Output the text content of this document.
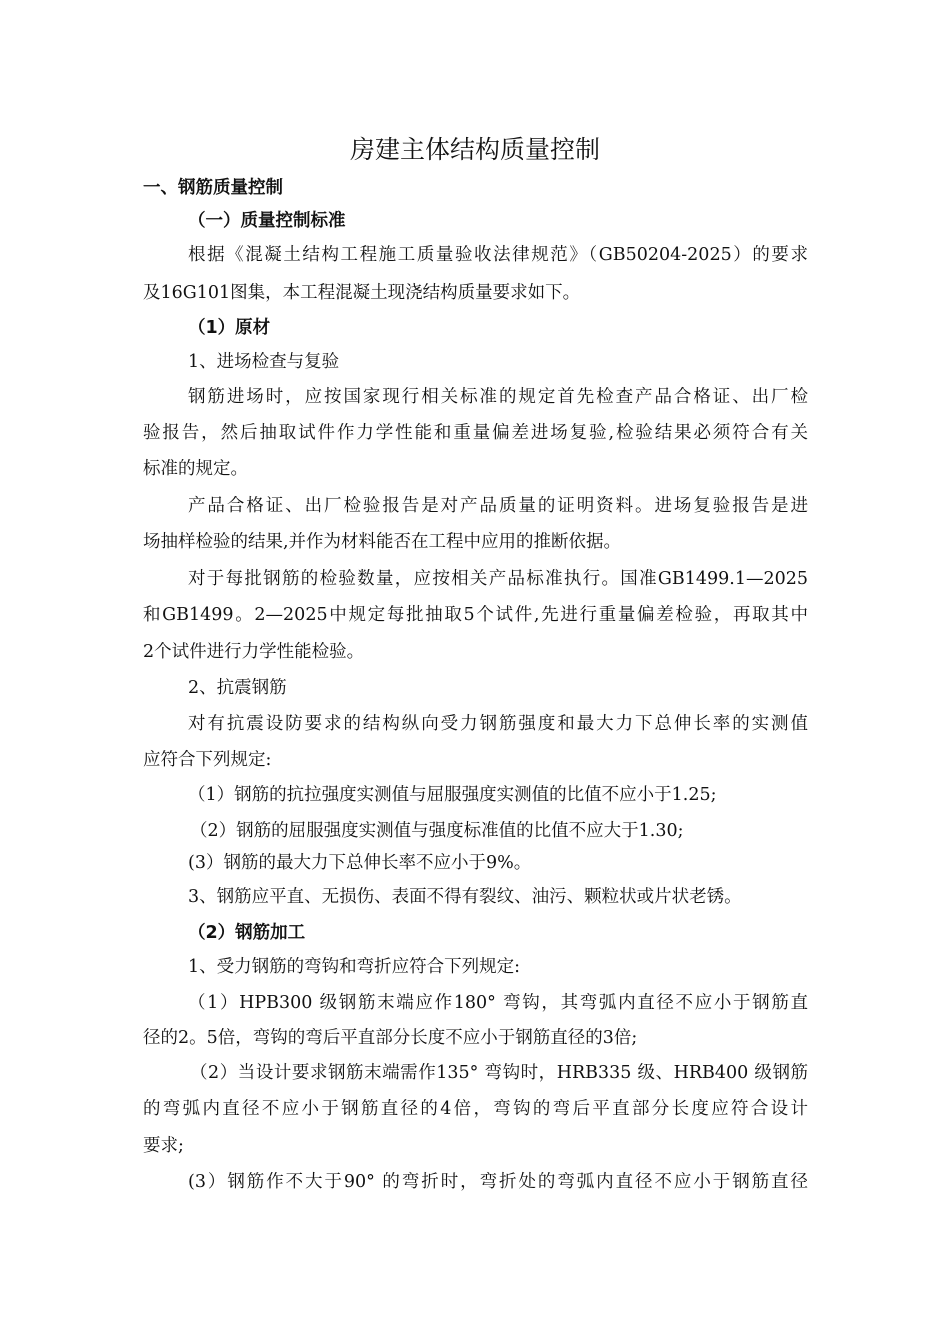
房建主体结构质量控制
一、钢筋质量控制
（一）质量控制标准
根据《混凝土结构工程施工质量验收法律规范》（GB50204-2025）的要求
及16G101图集，本工程混凝土现浇结构质量要求如下。
（1）原材
1、进场检查与复验
钢筋进场时，应按国家现行相关标准的规定首先检查产品合格证、出厂检
验报告，然后抽取试件作力学性能和重量偏差进场复验,检验结果必须符合有关
标准的规定。
产品合格证、出厂检验报告是对产品质量的证明资料。进场复验报告是进
场抽样检验的结果,并作为材料能否在工程中应用的推断依据。
对于每批钢筋的检验数量，应按相关产品标准执行。国准GB1499.1—2025
和GB1499。2—2025中规定每批抽取5个试件,先进行重量偏差检验，再取其中
2个试件进行力学性能检验。
2、抗震钢筋
对有抗震设防要求的结构纵向受力钢筋强度和最大力下总伸长率的实测值
应符合下列规定:
（1）钢筋的抗拉强度实测值与屈服强度实测值的比值不应小于1.25;
（2）钢筋的屈服强度实测值与强度标准值的比值不应大于1.30;
(3）钢筋的最大力下总伸长率不应小于9%。
3、钢筋应平直、无损伤、表面不得有裂纹、油污、颗粒状或片状老锈。
（2）钢筋加工
1、受力钢筋的弯钩和弯折应符合下列规定:
（1）HPB300 级钢筋末端应作180° 弯钩，其弯弧内直径不应小于钢筋直
径的2。5倍，弯钩的弯后平直部分长度不应小于钢筋直径的3倍;
（2）当设计要求钢筋末端需作135° 弯钩时，HRB335 级、HRB400 级钢筋
的弯弧内直径不应小于钢筋直径的4倍，弯钩的弯后平直部分长度应符合设计
要求;
(3）钢筋作不大于90° 的弯折时，弯折处的弯弧内直径不应小于钢筋直径
